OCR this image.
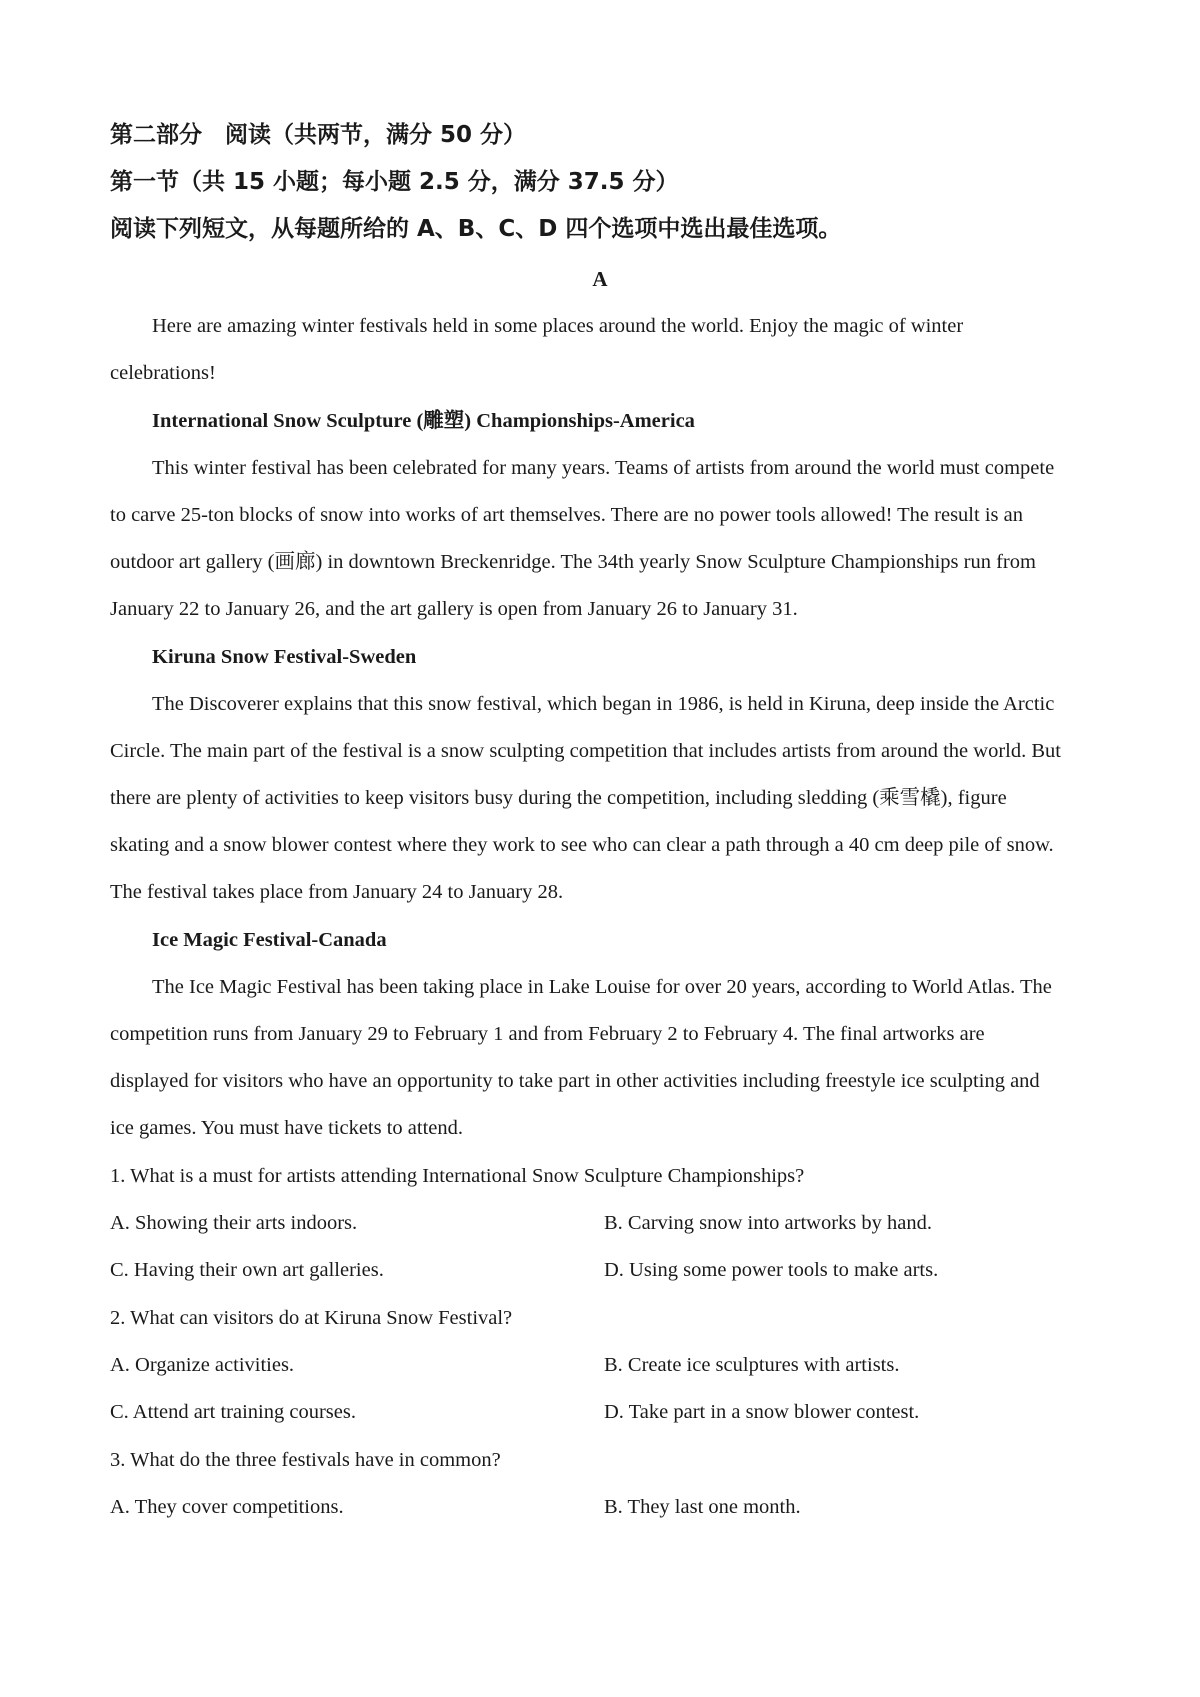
第二部分　阅读（共两节，满分 50 分）
第一节（共 15 小题；每小题 2.5 分，满分 37.5 分）
阅读下列短文，从每题所给的 A、B、C、D 四个选项中选出最佳选项。
A
Here are amazing winter festivals held in some places around the world. Enjoy the magic of winter
celebrations!
International Snow Sculpture (雕塑) Championships-America
This winter festival has been celebrated for many years. Teams of artists from around the world must compete
to carve 25-ton blocks of snow into works of art themselves. There are no power tools allowed! The result is an
outdoor art gallery (画廊) in downtown Breckenridge. The 34th yearly Snow Sculpture Championships run from
January 22 to January 26, and the art gallery is open from January 26 to January 31.
Kiruna Snow Festival-Sweden
The Discoverer explains that this snow festival, which began in 1986, is held in Kiruna, deep inside the Arctic
Circle. The main part of the festival is a snow sculpting competition that includes artists from around the world. But
there are plenty of activities to keep visitors busy during the competition, including sledding (乘雪橇), figure
skating and a snow blower contest where they work to see who can clear a path through a 40 cm deep pile of snow.
The festival takes place from January 24 to January 28.
Ice Magic Festival-Canada
The Ice Magic Festival has been taking place in Lake Louise for over 20 years, according to World Atlas. The
competition runs from January 29 to February 1 and from February 2 to February 4. The final artworks are
displayed for visitors who have an opportunity to take part in other activities including freestyle ice sculpting and
ice games. You must have tickets to attend.
1. What is a must for artists attending International Snow Sculpture Championships?
A. Showing their arts indoors.	B. Carving snow into artworks by hand.
C. Having their own art galleries.	D. Using some power tools to make arts.
2. What can visitors do at Kiruna Snow Festival?
A. Organize activities.	B. Create ice sculptures with artists.
C. Attend art training courses.	D. Take part in a snow blower contest.
3. What do the three festivals have in common?
A. They cover competitions.	B. They last one month.
